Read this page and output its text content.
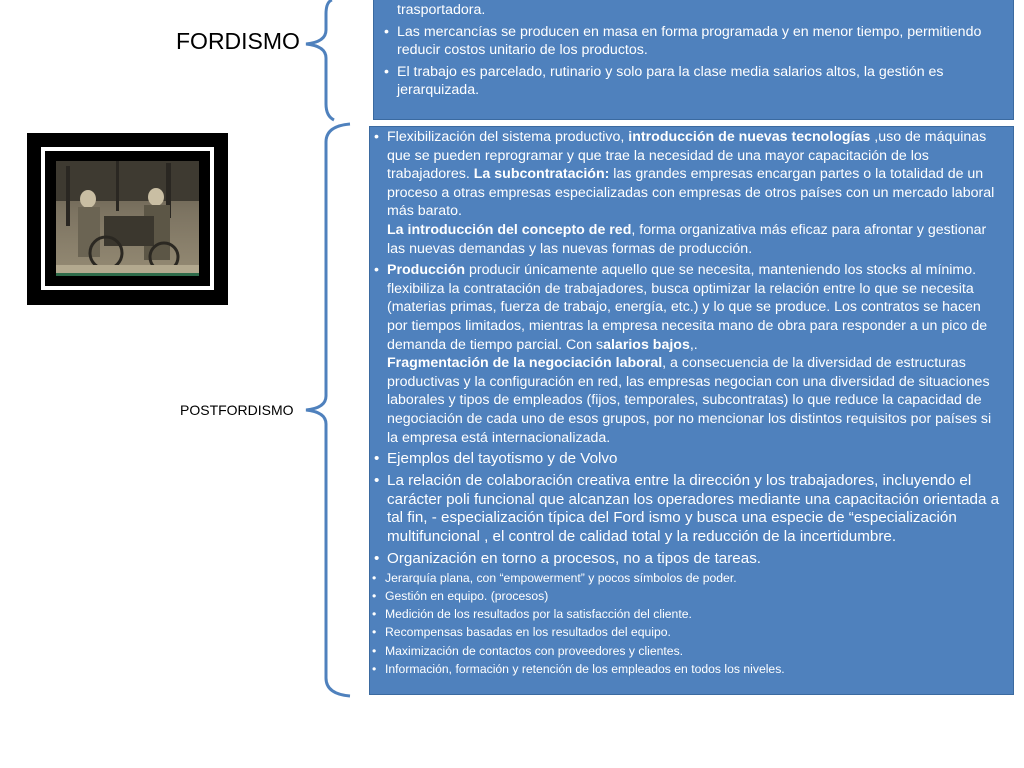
FORDISMO
POSTFORDISMO
trasportadora.
• Las mercancías se producen en masa en forma programada y en menor tiempo, permitiendo reducir costos unitario de los productos.
• El trabajo es parcelado, rutinario y solo para la clase media salarios altos, la gestión es jerarquizada.
• Flexibilización del sistema productivo, introducción de nuevas tecnologías ,uso de máquinas que se pueden reprogramar y que trae la necesidad de una mayor capacitación de los trabajadores. La subcontratación: las grandes empresas encargan partes o la totalidad de un proceso a otras empresas especializadas con empresas de otros países con un mercado laboral más barato.
La introducción del concepto de red, forma organizativa más eficaz para afrontar y gestionar las nuevas demandas y las nuevas formas de producción.
• Producción producir únicamente aquello que se necesita, manteniendo los stocks al mínimo. flexibiliza la contratación de trabajadores, busca optimizar la relación entre lo que se necesita (materias primas, fuerza de trabajo, energía, etc.) y lo que se produce. Los contratos se hacen por tiempos limitados, mientras la empresa necesita mano de obra para responder a un pico de demanda de tiempo parcial. Con salarios bajos,.
Fragmentación de la negociación laboral, a consecuencia de la diversidad de estructuras productivas y la configuración en red, las empresas negocian con una diversidad de situaciones laborales y tipos de empleados (fijos, temporales, subcontratas) lo que reduce la capacidad de negociación de cada uno de esos grupos, por no mencionar los distintos requisitos por países si la empresa está internacionalizada.
• Ejemplos del tayotismo y de Volvo
• La relación de colaboración creativa entre la dirección y los trabajadores, incluyendo el carácter poli funcional que alcanzan los operadores mediante una capacitación orientada a tal fin, - especialización típica del Ford ismo y busca una especie de “especialización multifuncional , el control de calidad total y la reducción de la incertidumbre.
• Organización en torno a procesos, no a tipos de tareas.
• Jerarquía plana, con “empowerment” y pocos símbolos de poder.
• Gestión en equipo. (procesos)
• Medición de los resultados por la satisfacción del cliente.
• Recompensas basadas en los resultados del equipo.
• Maximización de contactos con proveedores y clientes.
• Información, formación y retención de los empleados en todos los niveles.
